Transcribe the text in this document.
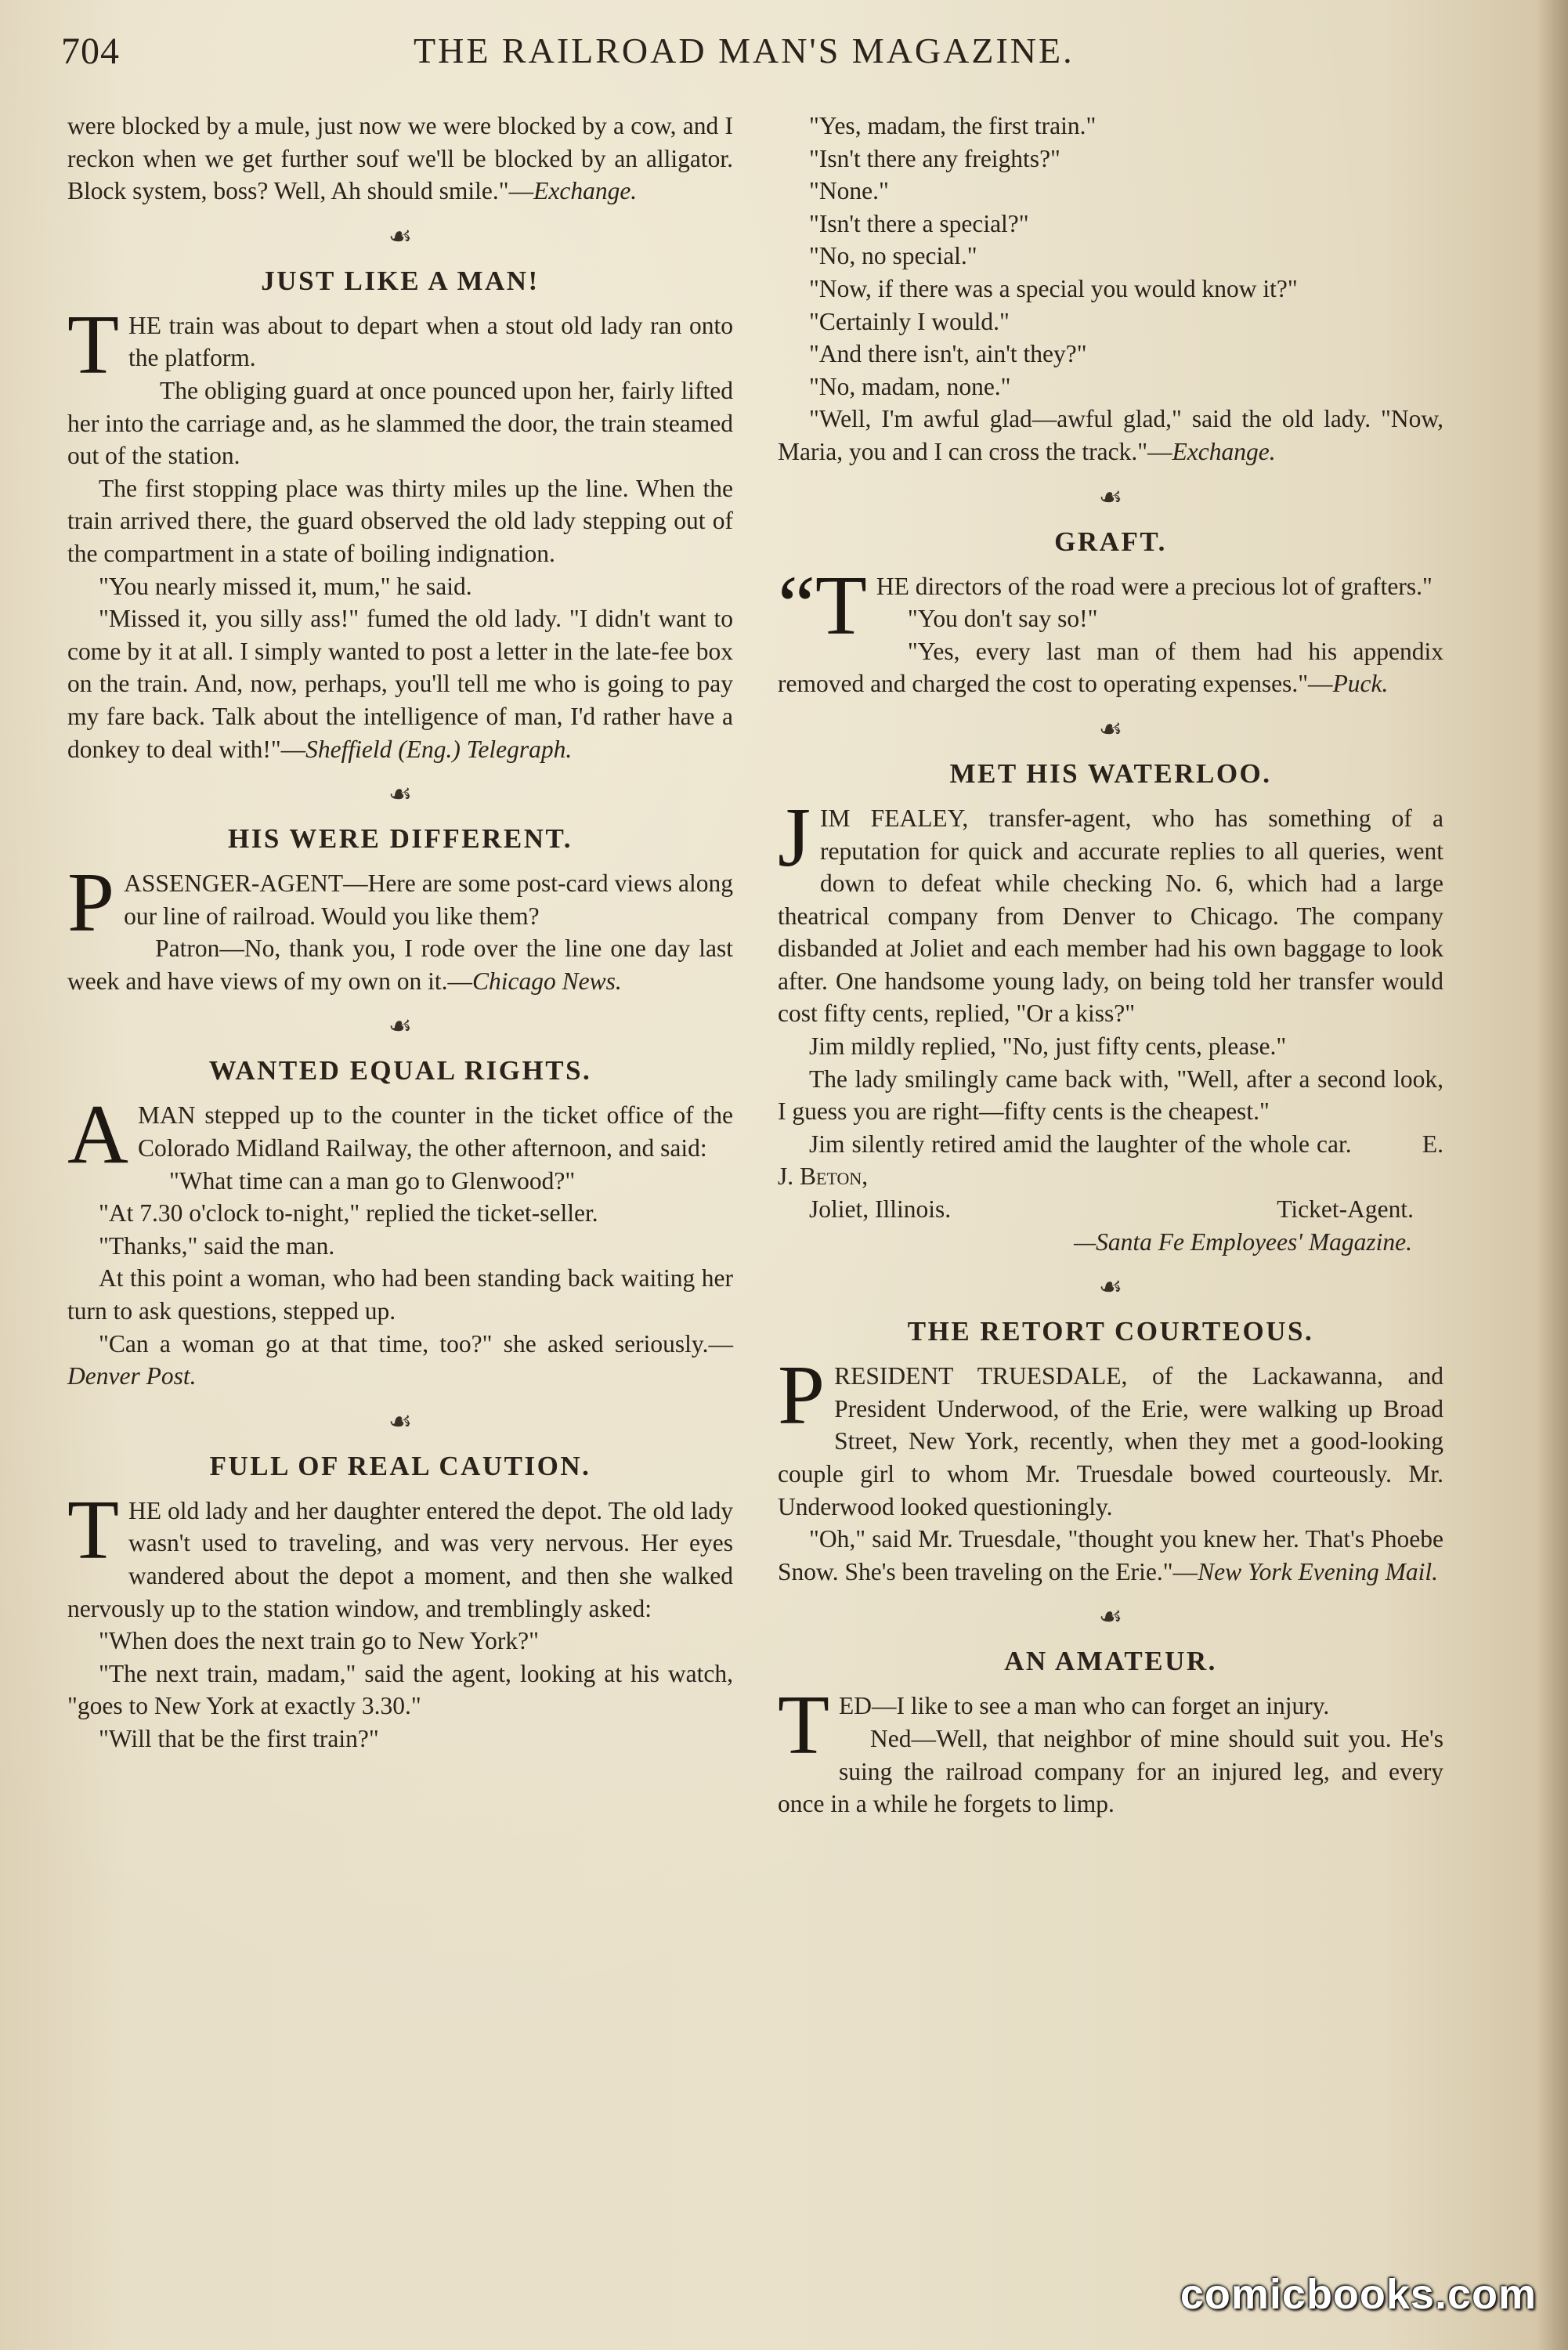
704	THE RAILROAD MAN'S MAGAZINE.

were blocked by a mule, just now we were blocked by a cow, and I reckon when we get further souf we'll be blocked by an alligator. Block system, boss? Well, Ah should smile."—Exchange.

☙
JUST LIKE A MAN!

THE train was about to depart when a stout old lady ran onto the platform.

The obliging guard at once pounced upon her, fairly lifted her into the carriage and, as he slammed the door, the train steamed out of the station.

The first stopping place was thirty miles up the line. When the train arrived there, the guard observed the old lady stepping out of the compartment in a state of boiling indignation.

"You nearly missed it, mum," he said.

"Missed it, you silly ass!" fumed the old lady. "I didn't want to come by it at all. I simply wanted to post a letter in the late-fee box on the train. And, now, perhaps, you'll tell me who is going to pay my fare back. Talk about the intelligence of man, I'd rather have a donkey to deal with!"—Sheffield (Eng.) Telegraph.

☙
HIS WERE DIFFERENT.

PASSENGER-AGENT—Here are some post-card views along our line of railroad. Would you like them?

Patron—No, thank you, I rode over the line one day last week and have views of my own on it.—Chicago News.

☙
WANTED EQUAL RIGHTS.

AMAN stepped up to the counter in the ticket office of the Colorado Midland Railway, the other afternoon, and said:

"What time can a man go to Glenwood?"

"At 7.30 o'clock to-night," replied the ticket-seller.

"Thanks," said the man.

At this point a woman, who had been standing back waiting her turn to ask questions, stepped up.

"Can a woman go at that time, too?" she asked seriously.—Denver Post.

☙
FULL OF REAL CAUTION.

THE old lady and her daughter entered the depot. The old lady wasn't used to traveling, and was very nervous. Her eyes wandered about the depot a moment, and then she walked nervously up to the station window, and tremblingly asked:

"When does the next train go to New York?"

"The next train, madam," said the agent, looking at his watch, "goes to New York at exactly 3.30."

"Will that be the first train?"

"Yes, madam, the first train."

"Isn't there any freights?"

"None."

"Isn't there a special?"

"No, no special."

"Now, if there was a special you would know it?"

"Certainly I would."

"And there isn't, ain't they?"

"No, madam, none."

"Well, I'm awful glad—awful glad," said the old lady. "Now, Maria, you and I can cross the track."—Exchange.

☙
GRAFT.

“THE directors of the road were a precious lot of grafters."

"You don't say so!"

"Yes, every last man of them had his appendix removed and charged the cost to operating expenses."—Puck.

☙
MET HIS WATERLOO.

JIM FEALEY, transfer-agent, who has something of a reputation for quick and accurate replies to all queries, went down to defeat while checking No. 6, which had a large theatrical company from Denver to Chicago. The company disbanded at Joliet and each member had his own baggage to look after. One handsome young lady, on being told her transfer would cost fifty cents, replied, "Or a kiss?"

Jim mildly replied, "No, just fifty cents, please."

The lady smilingly came back with, "Well, after a second look, I guess you are right—fifty cents is the cheapest."

Jim silently retired amid the laughter of the whole car.	E. J. Beton,

Joliet, Illinois.	Ticket-Agent.

—Santa Fe Employees' Magazine.

☙
THE RETORT COURTEOUS.

PRESIDENT TRUESDALE, of the Lackawanna, and President Underwood, of the Erie, were walking up Broad Street, New York, recently, when they met a good-looking couple girl to whom Mr. Truesdale bowed courteously. Mr. Underwood looked questioningly.

"Oh," said Mr. Truesdale, "thought you knew her. That's Phoebe Snow. She's been traveling on the Erie."—New York Evening Mail.

☙
AN AMATEUR.

TED—I like to see a man who can forget an injury.

Ned—Well, that neighbor of mine should suit you. He's suing the railroad company for an injured leg, and every once in a while he forgets to limp.

comicbooks.com
